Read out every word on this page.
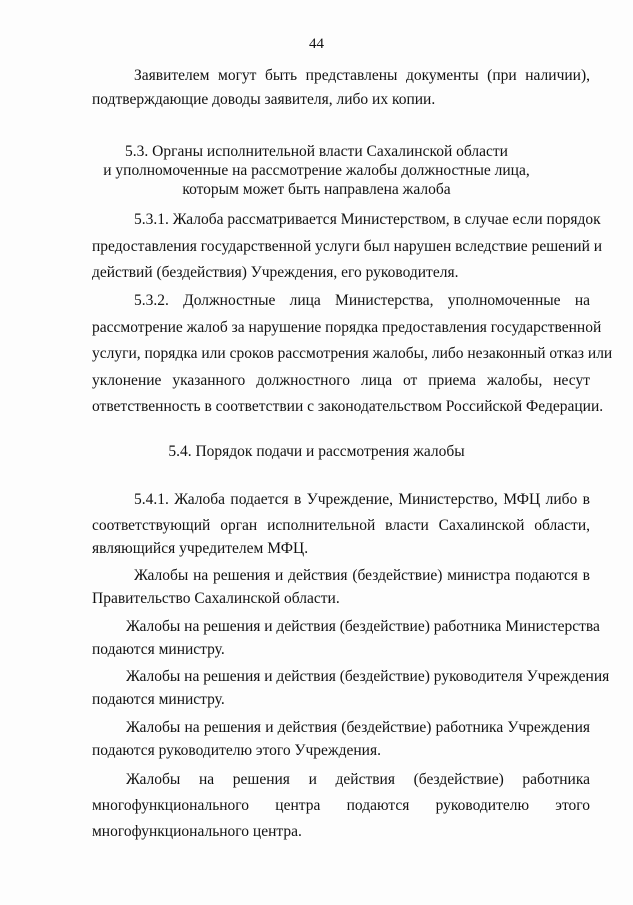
44
Заявителем могут быть представлены документы (при наличии),
подтверждающие доводы заявителя, либо их копии.
5.3. Органы исполнительной власти Сахалинской области
и уполномоченные на рассмотрение жалобы должностные лица,
которым может быть направлена жалоба
5.3.1. Жалоба рассматривается Министерством, в случае если порядок
предоставления государственной услуги был нарушен вследствие решений и
действий (бездействия) Учреждения, его руководителя.
5.3.2. Должностные лица Министерства, уполномоченные на
рассмотрение жалоб за нарушение порядка предоставления государственной
услуги, порядка или сроков рассмотрения жалобы, либо незаконный отказ или
уклонение указанного должностного лица от приема жалобы, несут
ответственность в соответствии с законодательством Российской Федерации.
5.4. Порядок подачи и рассмотрения жалобы
5.4.1. Жалоба подается в Учреждение, Министерство, МФЦ либо в
соответствующий орган исполнительной власти Сахалинской области,
являющийся учредителем МФЦ.
Жалобы на решения и действия (бездействие) министра подаются в
Правительство Сахалинской области.
Жалобы на решения и действия (бездействие) работника Министерства
подаются министру.
Жалобы на решения и действия (бездействие) руководителя Учреждения
подаются министру.
Жалобы на решения и действия (бездействие) работника Учреждения
подаются руководителю этого Учреждения.
Жалобы на решения и действия (бездействие) работника
многофункционального центра подаются руководителю этого
многофункционального центра.
